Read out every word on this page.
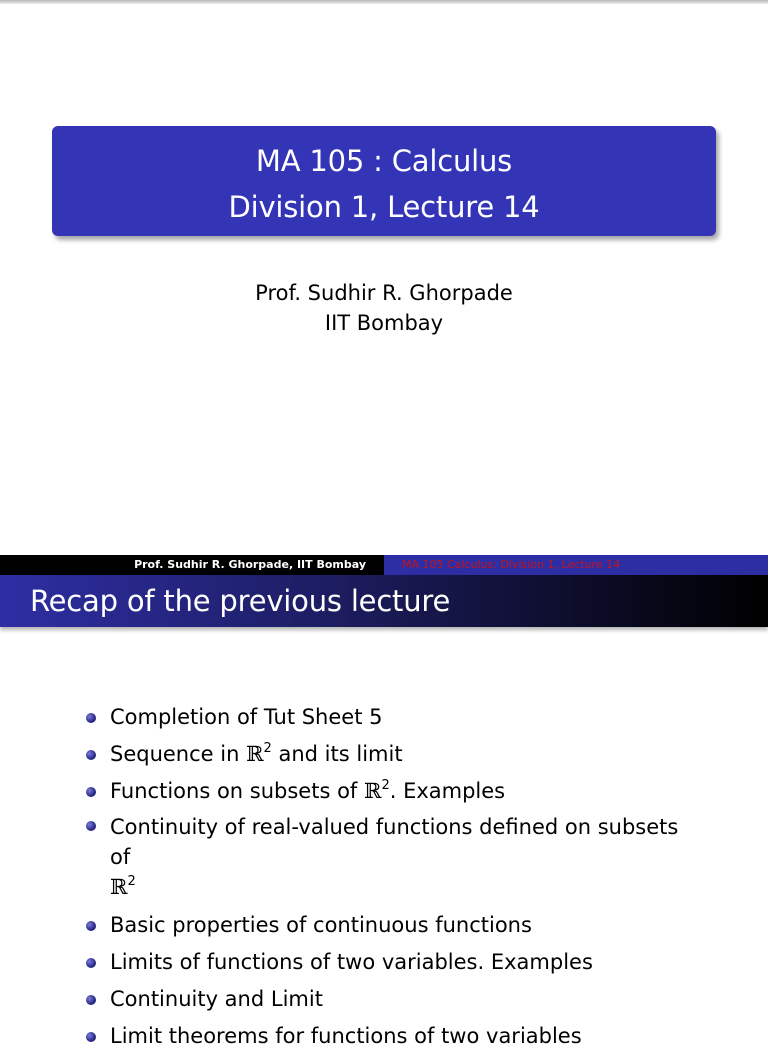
MA 105 : Calculus
Division 1, Lecture 14
Prof. Sudhir R. Ghorpade
IIT Bombay
Prof. Sudhir R. Ghorpade, IIT Bombay	MA 105 Calculus: Division 1, Lecture 14
Recap of the previous lecture
Completion of Tut Sheet 5
Sequence in ℝ$^2$ and its limit
Functions on subsets of ℝ$^2$. Examples
Continuity of real-valued functions defined on subsets of
ℝ$^2$
Basic properties of continuous functions
Limits of functions of two variables. Examples
Continuity and Limit
Limit theorems for functions of two variables
